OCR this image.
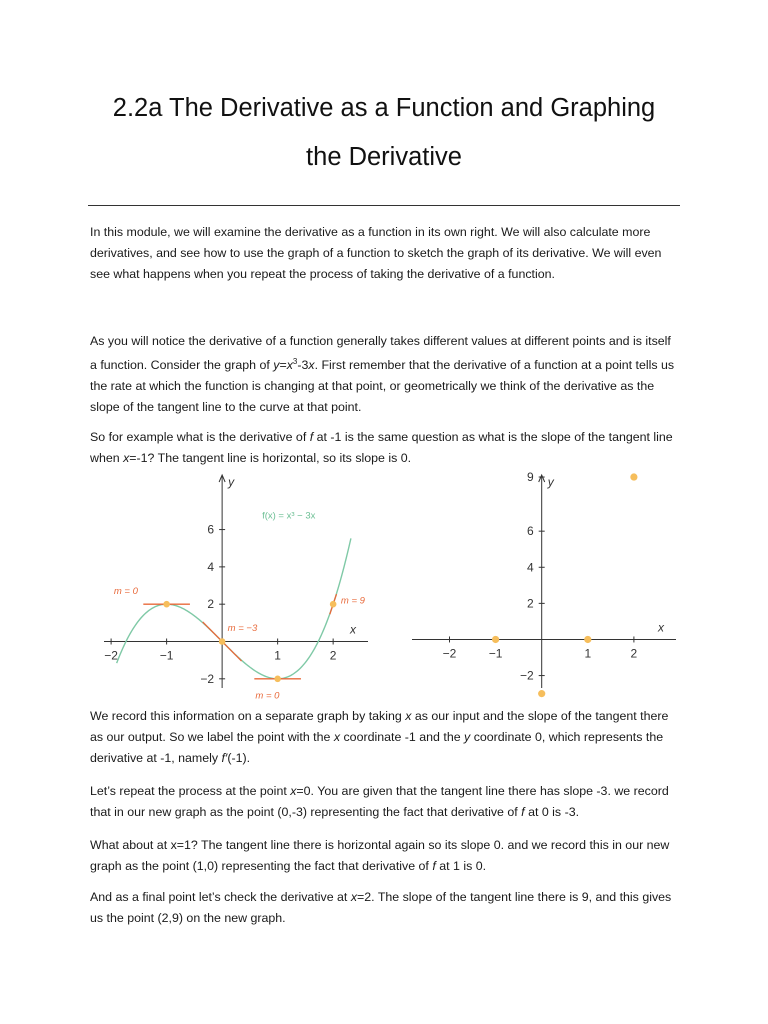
2.2a The Derivative as a Function and Graphing
the Derivative

In this module, we will examine the derivative as a function in its own right. We will also calculate more derivatives, and see how to use the graph of a function to sketch the graph of its derivative. We will even see what happens when you repeat the process of taking the derivative of a function.

As you will notice the derivative of a function generally takes different values at different points and is itself a function. Consider the graph of $y=x^3-3x$. First remember that the derivative of a function at a point tells us the rate at which the function is changing at that point, or geometrically we think of the derivative as the slope of the tangent line to the curve at that point.

So for example what is the derivative of f at -1 is the same question as what is the slope of the tangent line when x=-1? The tangent line is horizontal, so its slope is 0.

y
x
−2	−1	1	2
−2
2
4
6
f(x) = x³ − 3x
m = 0
m = −3
m = 0
m = 9
y
x
−2	−1	1	2
−2
2
4
6
9

We record this information on a separate graph by taking x as our input and the slope of the tangent there as our output. So we label the point with the x coordinate -1 and the y coordinate 0, which represents the derivative at -1, namely f′(-1).

Let’s repeat the process at the point x=0. You are given that the tangent line there has slope -3. we record that in our new graph as the point (0,-3) representing the fact that derivative of f at 0 is -3.

What about at x=1? The tangent line there is horizontal again so its slope 0. and we record this in our new graph as the point (1,0) representing the fact that derivative of f at 1 is 0.

And as a final point let’s check the derivative at x=2. The slope of the tangent line there is 9, and this gives us the point (2,9) on the new graph.
